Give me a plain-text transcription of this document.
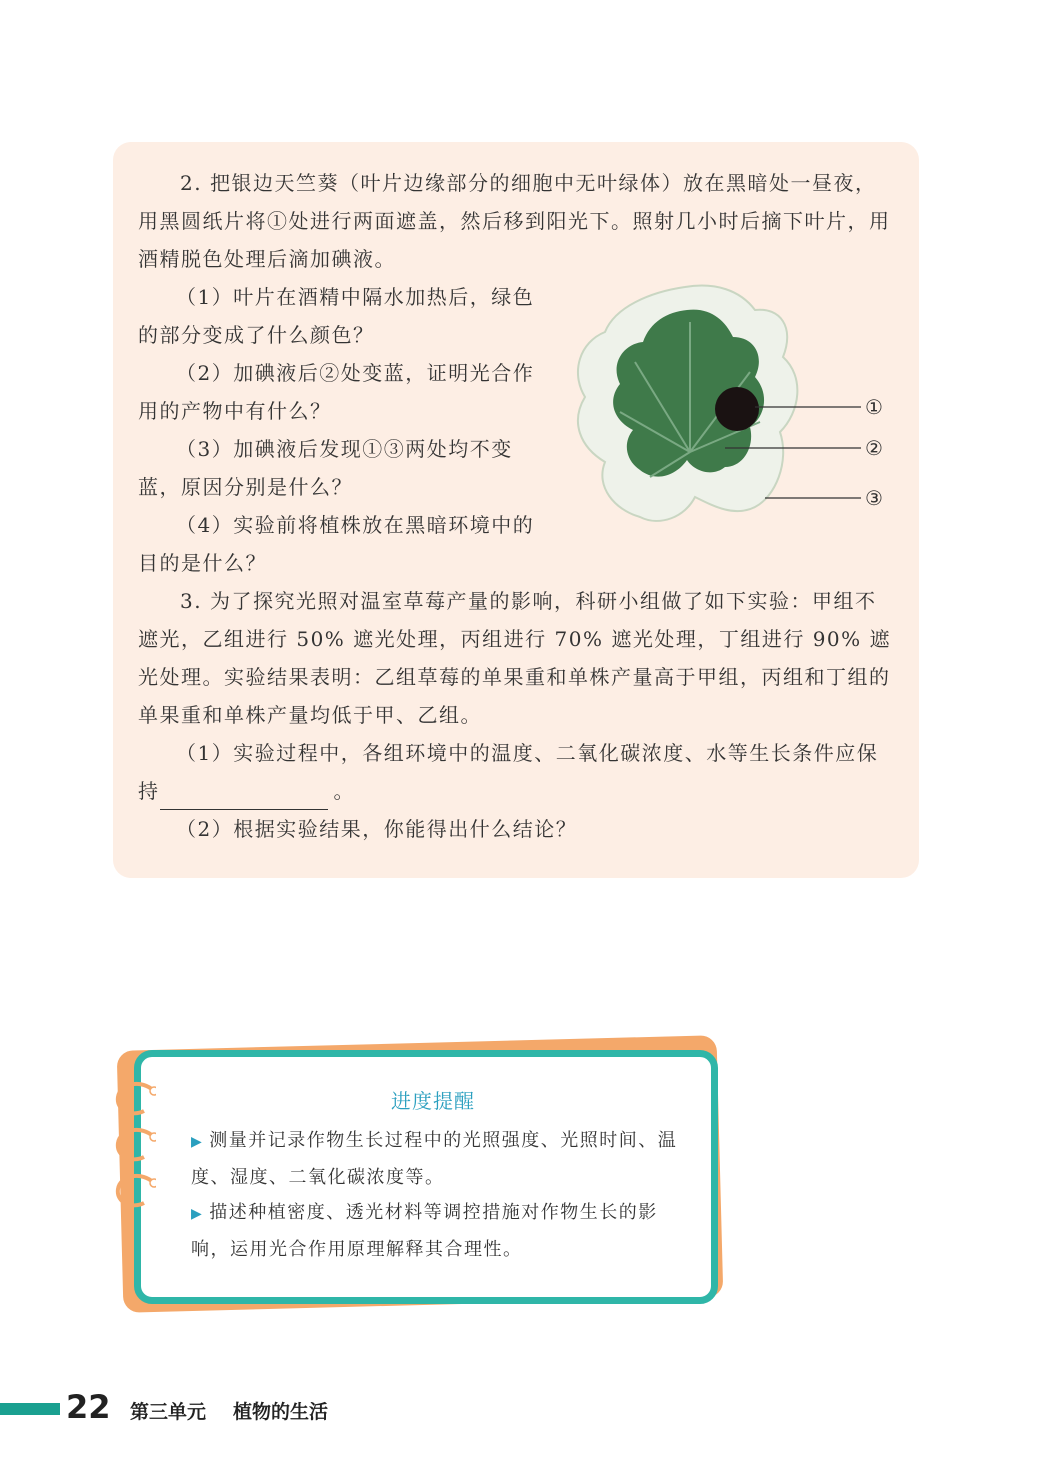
2. 把银边天竺葵（叶片边缘部分的细胞中无叶绿体）放在黑暗处一昼夜，用黑圆纸片将①处进行两面遮盖，然后移到阳光下。照射几小时后摘下叶片，用酒精脱色处理后滴加碘液。

（1）叶片在酒精中隔水加热后，绿色的部分变成了什么颜色？

（2）加碘液后②处变蓝，证明光合作用的产物中有什么？

（3）加碘液后发现①③两处均不变蓝，原因分别是什么？

（4）实验前将植株放在黑暗环境中的目的是什么？

①
②
③

3. 为了探究光照对温室草莓产量的影响，科研小组做了如下实验：甲组不遮光，乙组进行 50% 遮光处理，丙组进行 70% 遮光处理，丁组进行 90% 遮光处理。实验结果表明：乙组草莓的单果重和单株产量高于甲组，丙组和丁组的单果重和单株产量均低于甲、乙组。

（1）实验过程中，各组环境中的温度、二氧化碳浓度、水等生长条件应保持	。

（2）根据实验结果，你能得出什么结论？

进度提醒

▶ 测量并记录作物生长过程中的光照强度、光照时间、温度、湿度、二氧化碳浓度等。

▶ 描述种植密度、透光材料等调控措施对作物生长的影响，运用光合作用原理解释其合理性。

22 第三单元 植物的生活
